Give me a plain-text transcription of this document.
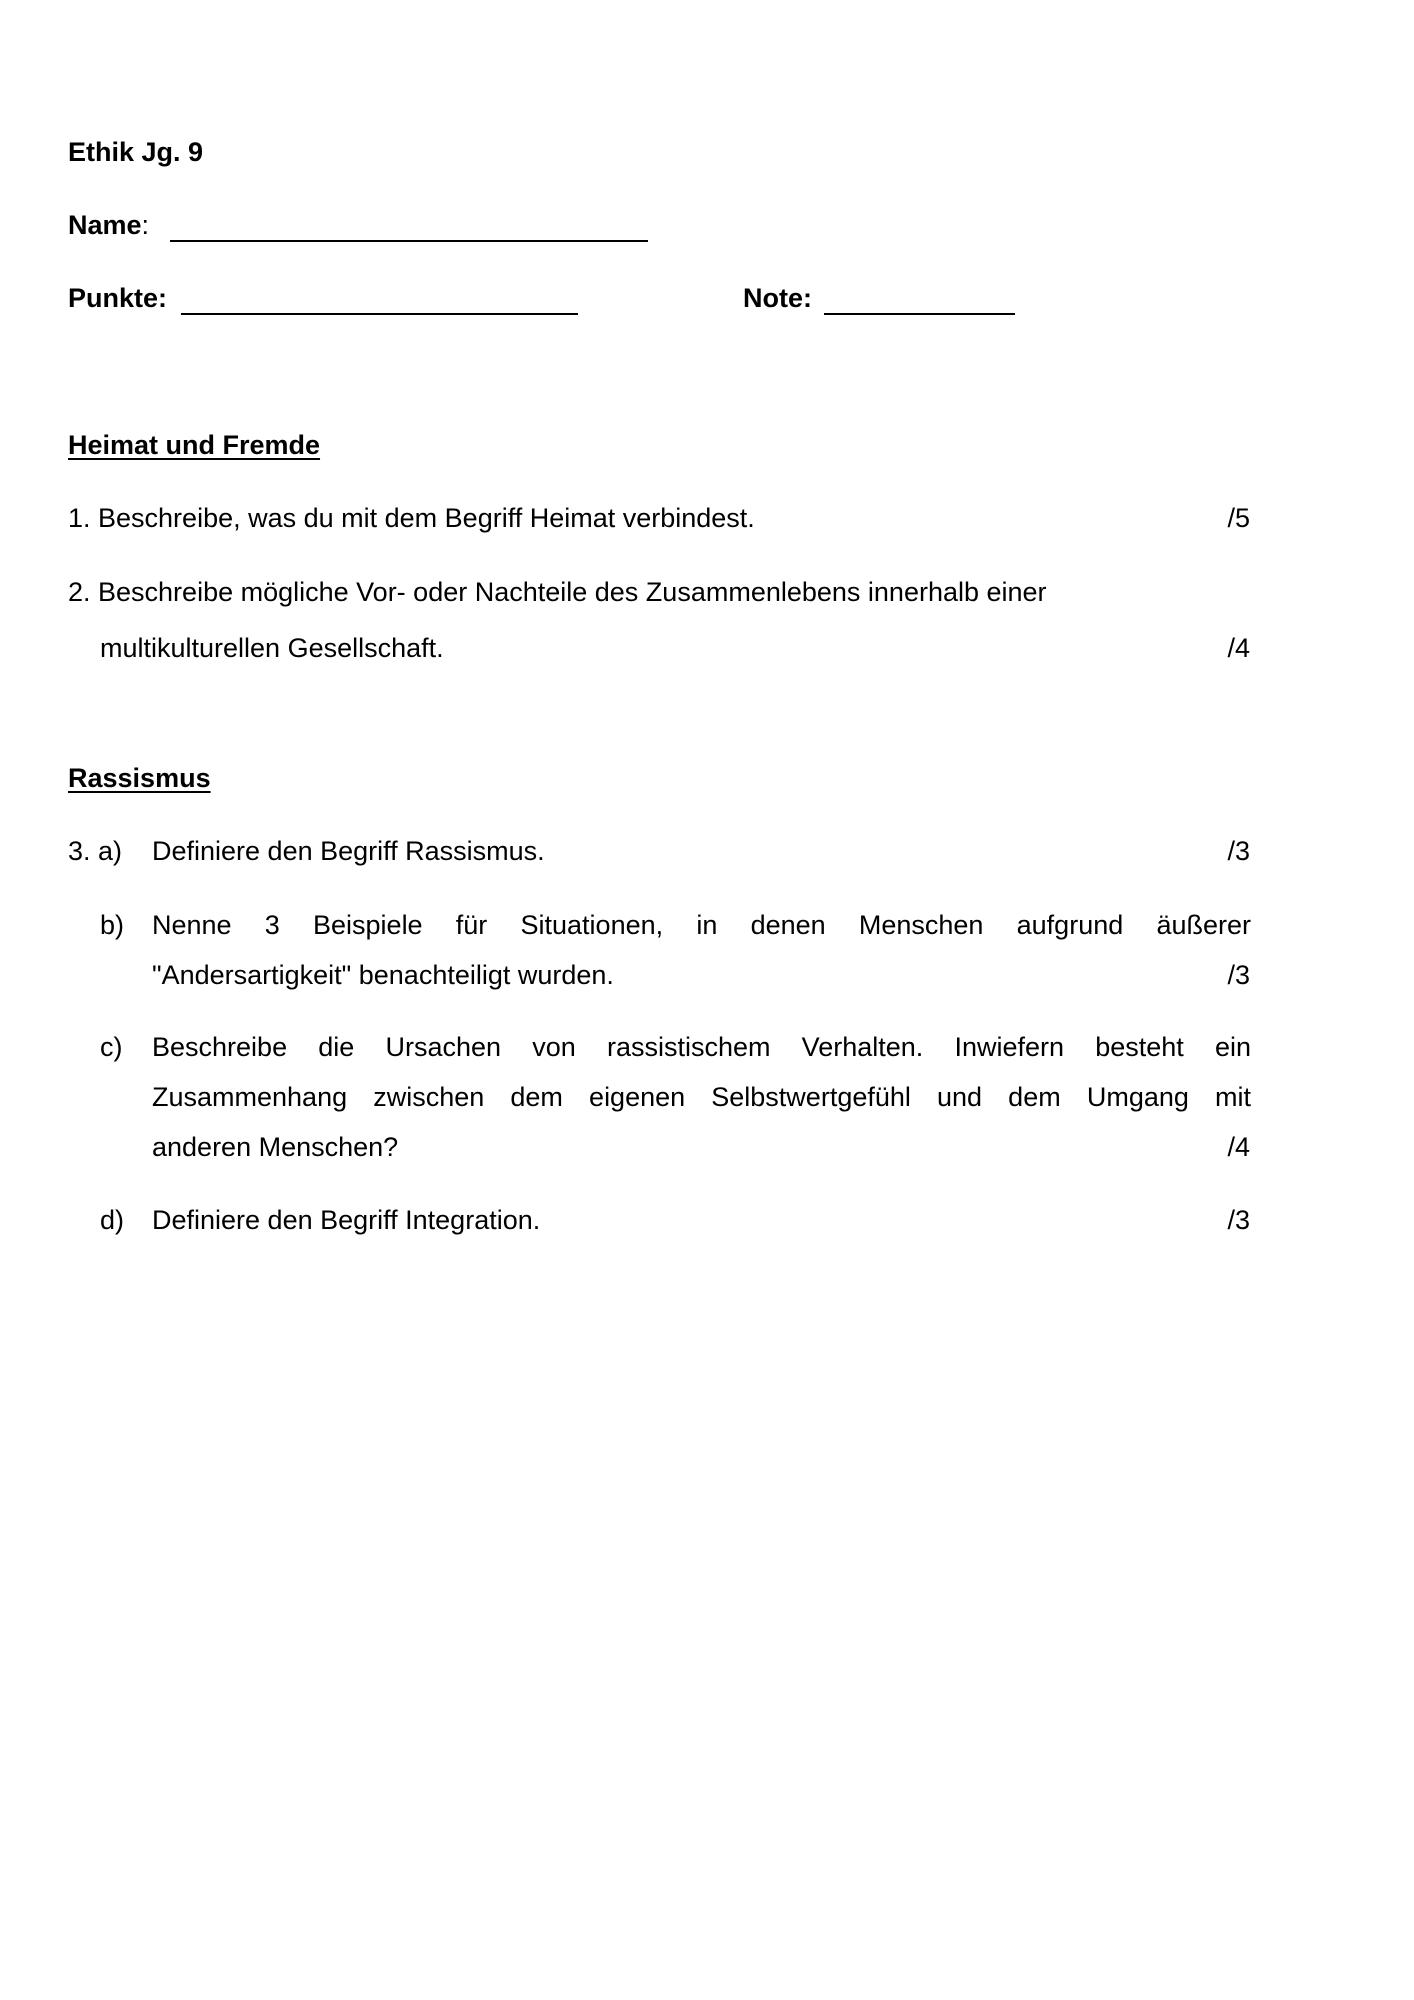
Ethik Jg. 9
Name:
Punkte:	Note:
Heimat und Fremde
1. Beschreibe, was du mit dem Begriff Heimat verbindest.	/5
2. Beschreibe mögliche Vor- oder Nachteile des Zusammenlebens innerhalb einer
multikulturellen Gesellschaft.	/4
Rassismus
3. a) Definiere den Begriff Rassismus.	/3
b) Nenne 3 Beispiele für Situationen, in denen Menschen aufgrund äußerer
"Andersartigkeit" benachteiligt wurden.	/3
c) Beschreibe die Ursachen von rassistischem Verhalten. Inwiefern besteht ein
Zusammenhang zwischen dem eigenen Selbstwertgefühl und dem Umgang mit
anderen Menschen?	/4
d) Definiere den Begriff Integration.	/3
